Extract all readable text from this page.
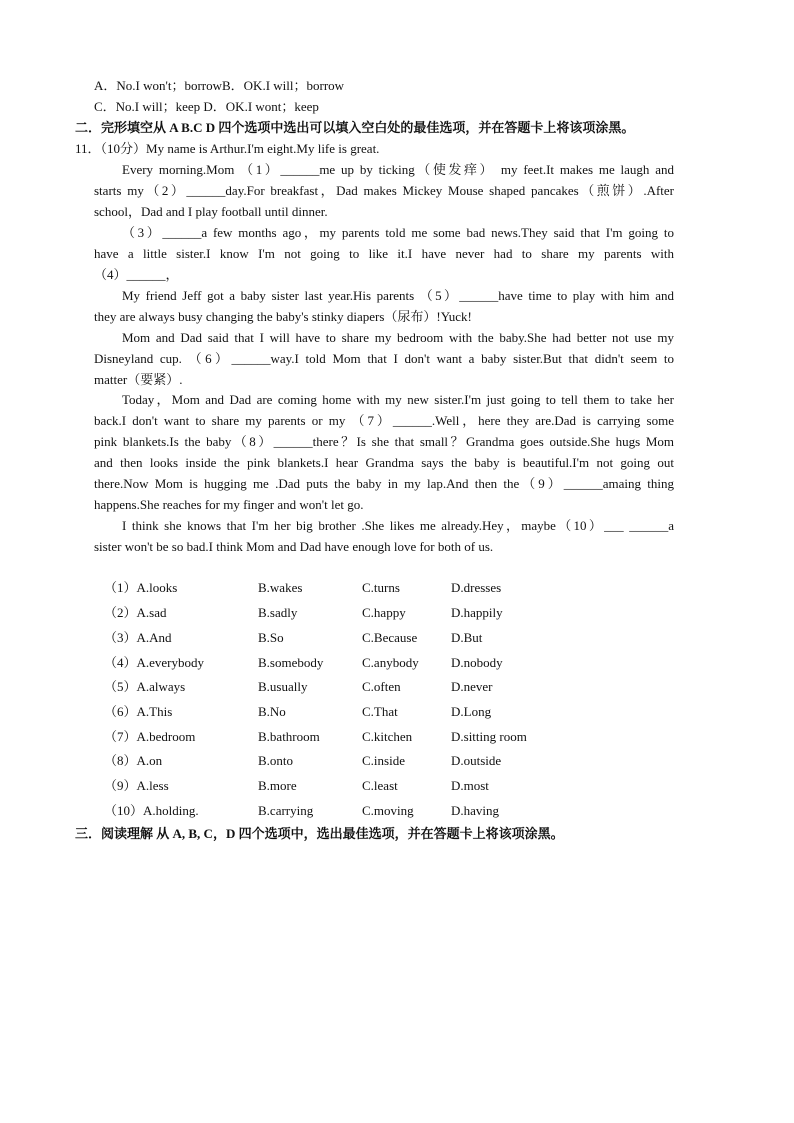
A．No.I won't；borrowB．OK.I will；borrow
C．No.I will；keep D．OK.I wont；keep
二．完形填空从 A B.C D 四个选项中选出可以填入空白处的最佳选项，并在答题卡上将该项涂黑。
11．（10分）My name is Arthur.I'm eight.My life is great.
Every morning.Mom （1）______me up by ticking（使发痒） my feet.It makes me laugh and
starts my（2）______day.For breakfast，Dad makes Mickey Mouse shaped pancakes（煎饼）.After
school，Dad and I play football until dinner.
（3）______a few months ago，my parents told me some bad news.They said that I'm going to
have a little sister.I know I'm not going to like it.I have never had to share my parents with
（4）______，
My friend Jeff got a baby sister last year.His parents （5）______have time to play with him and
they are always busy changing the baby's stinky diapers（尿布）!Yuck!
Mom and Dad said that I will have to share my bedroom with the baby.She had better not use my
Disneyland cup. （6）______way.I told Mom that I don't want a baby sister.But that didn't seem to
matter（要紧）.
Today，Mom and Dad are coming home with my new sister.I'm just going to tell them to take her
back.I don't want to share my parents or my （7）______.Well，here they are.Dad is carrying some
pink blankets.Is the baby（8）______there？Is she that small？Grandma goes outside.She hugs Mom
and then looks inside the pink blankets.I hear Grandma says the baby is beautiful.I'm not going out
there.Now Mom is hugging me .Dad puts the baby in my lap.And then the（9）______amaing thing
happens.She reaches for my finger and won't let go.
I think she knows that I'm her big brother .She likes me already.Hey，maybe（10）___ ______a
sister won't be so bad.I think Mom and Dad have enough love for both of us.
（1）A.looks	B.wakes	C.turns	D.dresses
（2）A.sad	B.sadly	C.happy	D.happily
（3）A.And	B.So	C.Because	D.But
（4）A.everybody	B.somebody	C.anybody D.nobody
（5）A.always	B.usually	C.often	D.never
（6）A.This	B.No	C.That	D.Long
（7）A.bedroom	B.bathroom	C.kitchen	D.sitting room
（8）A.on	B.onto	C.inside	D.outside
（9）A.less	B.more	C.least	D.most
（10）A.holding.	B.carrying	C.moving	D.having
三．阅读理解 从 A, B, C，D 四个选项中，选出最佳选项，并在答题卡上将该项涂黑。
